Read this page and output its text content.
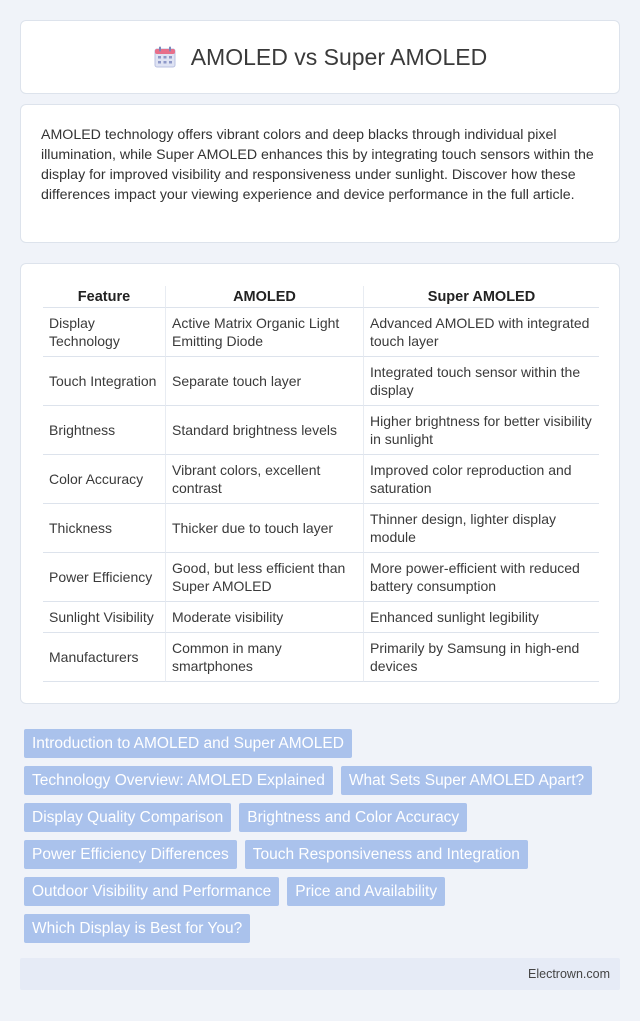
AMOLED vs Super AMOLED

AMOLED technology offers vibrant colors and deep blacks through individual pixel illumination, while Super AMOLED enhances this by integrating touch sensors within the display for improved visibility and responsiveness under sunlight. Discover how these differences impact your viewing experience and device performance in the full article.

Feature	AMOLED	Super AMOLED
Display Technology	Active Matrix Organic Light Emitting Diode	Advanced AMOLED with integrated touch layer
Touch Integration	Separate touch layer	Integrated touch sensor within the display
Brightness	Standard brightness levels	Higher brightness for better visibility in sunlight
Color Accuracy	Vibrant colors, excellent contrast	Improved color reproduction and saturation
Thickness	Thicker due to touch layer	Thinner design, lighter display module
Power Efficiency	Good, but less efficient than Super AMOLED	More power-efficient with reduced battery consumption
Sunlight Visibility	Moderate visibility	Enhanced sunlight legibility
Manufacturers	Common in many smartphones	Primarily by Samsung in high-end devices
Introduction to AMOLED and Super AMOLED
Technology Overview: AMOLED Explained	What Sets Super AMOLED Apart?
Display Quality Comparison	Brightness and Color Accuracy
Power Efficiency Differences	Touch Responsiveness and Integration
Outdoor Visibility and Performance	Price and Availability
Which Display is Best for You?
Electrown.com
